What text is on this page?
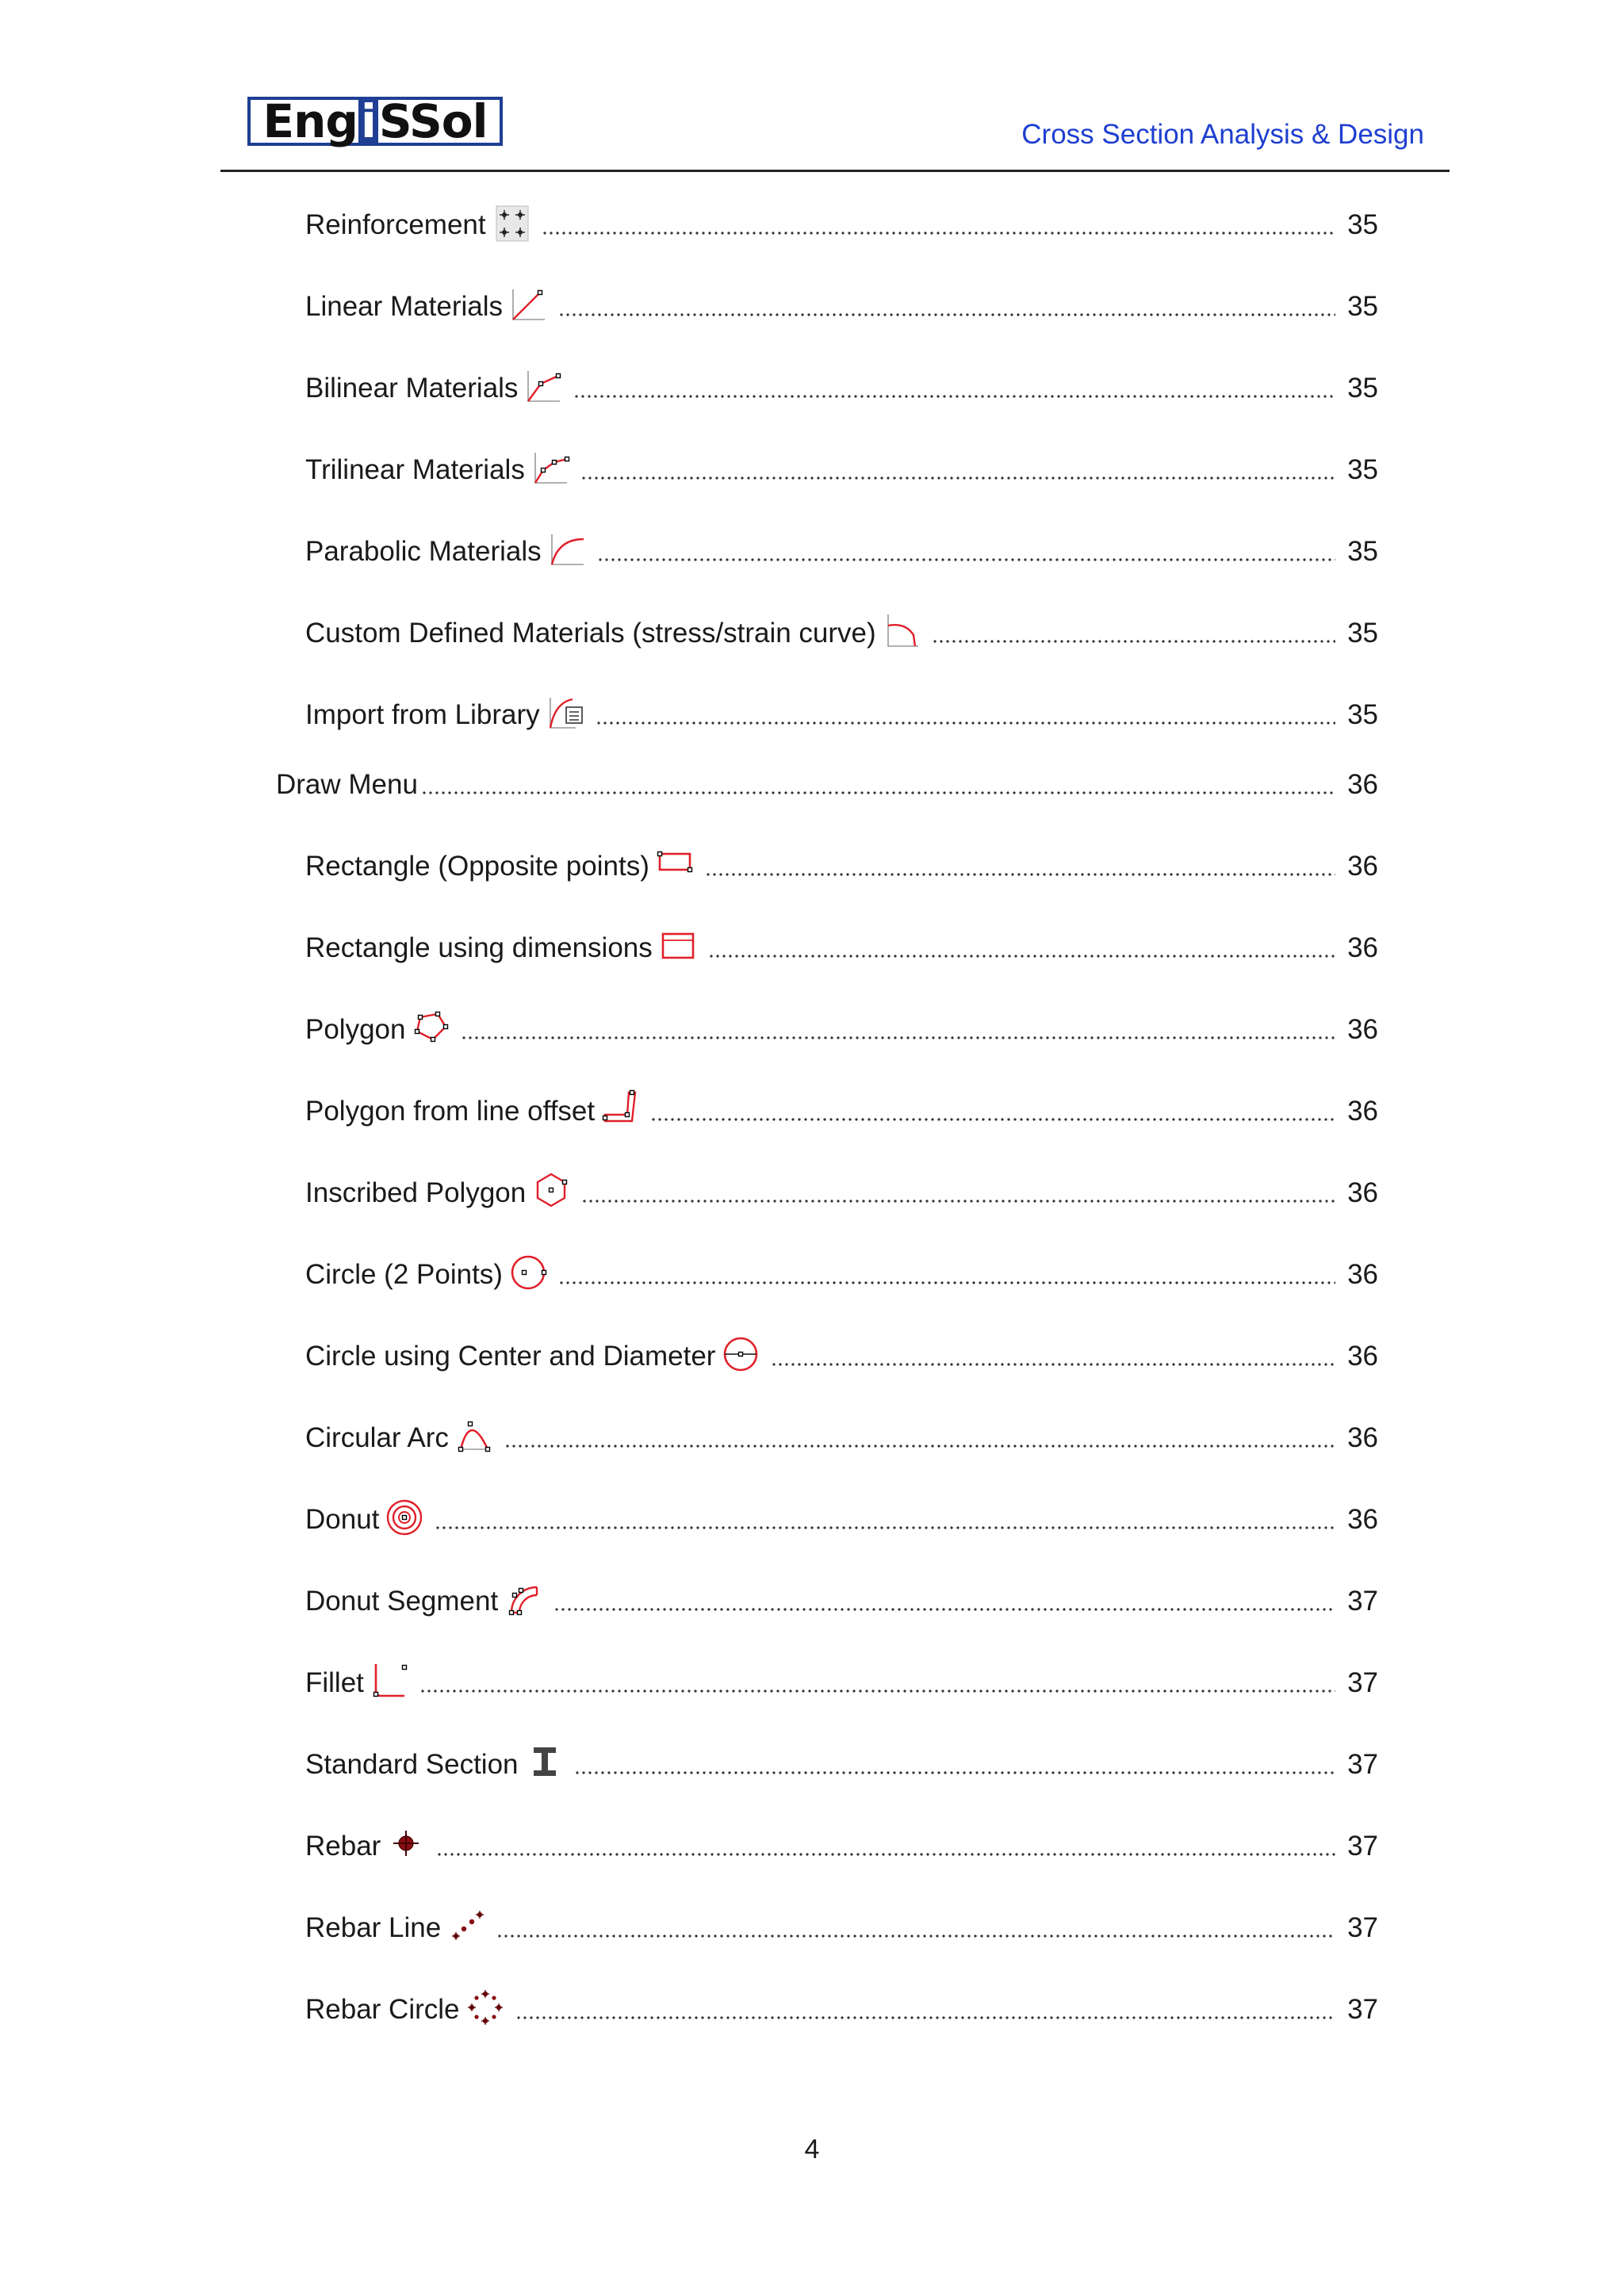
Eng i SSol	Cross Section Analysis & Design
Reinforcement	35
Linear Materials	35
Bilinear Materials	35
Trilinear Materials	35
Parabolic Materials	35
Custom Defined Materials (stress/strain curve)	35
Import from Library	35
Draw Menu	36
Rectangle (Opposite points)	36
Rectangle using dimensions	36
Polygon	36
Polygon from line offset	36
Inscribed Polygon	36
Circle (2 Points)	36
Circle using Center and Diameter	36
Circular Arc	36
Donut	36
Donut Segment	37
Fillet	37
Standard Section	37
Rebar	37
Rebar Line	37
Rebar Circle	37
4
